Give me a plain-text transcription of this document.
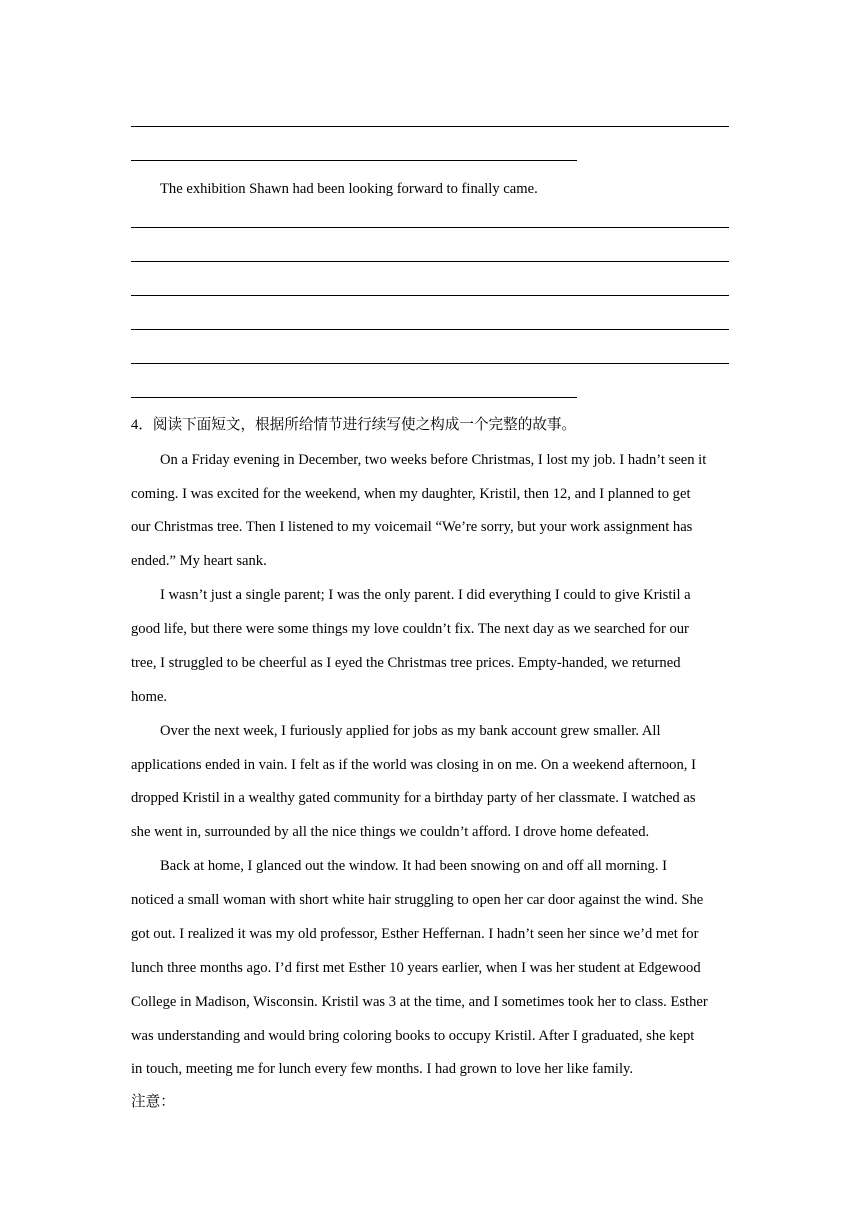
The exhibition Shawn had been looking forward to finally came.
4．阅读下面短文，根据所给情节进行续写使之构成一个完整的故事。
On a Friday evening in December, two weeks before Christmas, I lost my job. I hadn’t seen it
coming. I was excited for the weekend, when my daughter, Kristil, then 12, and I planned to get
our Christmas tree. Then I listened to my voicemail “We’re sorry, but your work assignment has
ended.” My heart sank.
I wasn’t just a single parent; I was the only parent. I did everything I could to give Kristil a
good life, but there were some things my love couldn’t fix. The next day as we searched for our
tree, I struggled to be cheerful as I eyed the Christmas tree prices. Empty-handed, we returned
home.
Over the next week, I furiously applied for jobs as my bank account grew smaller. All
applications ended in vain. I felt as if the world was closing in on me. On a weekend afternoon, I
dropped Kristil in a wealthy gated community for a birthday party of her classmate. I watched as
she went in, surrounded by all the nice things we couldn’t afford. I drove home defeated.
Back at home, I glanced out the window. It had been snowing on and off all morning. I
noticed a small woman with short white hair struggling to open her car door against the wind. She
got out. I realized it was my old professor, Esther Heffernan. I hadn’t seen her since we’d met for
lunch three months ago. I’d first met Esther 10 years earlier, when I was her student at Edgewood
College in Madison, Wisconsin. Kristil was 3 at the time, and I sometimes took her to class. Esther
was understanding and would bring coloring books to occupy Kristil. After I graduated, she kept
in touch, meeting me for lunch every few months. I had grown to love her like family.
注意：
